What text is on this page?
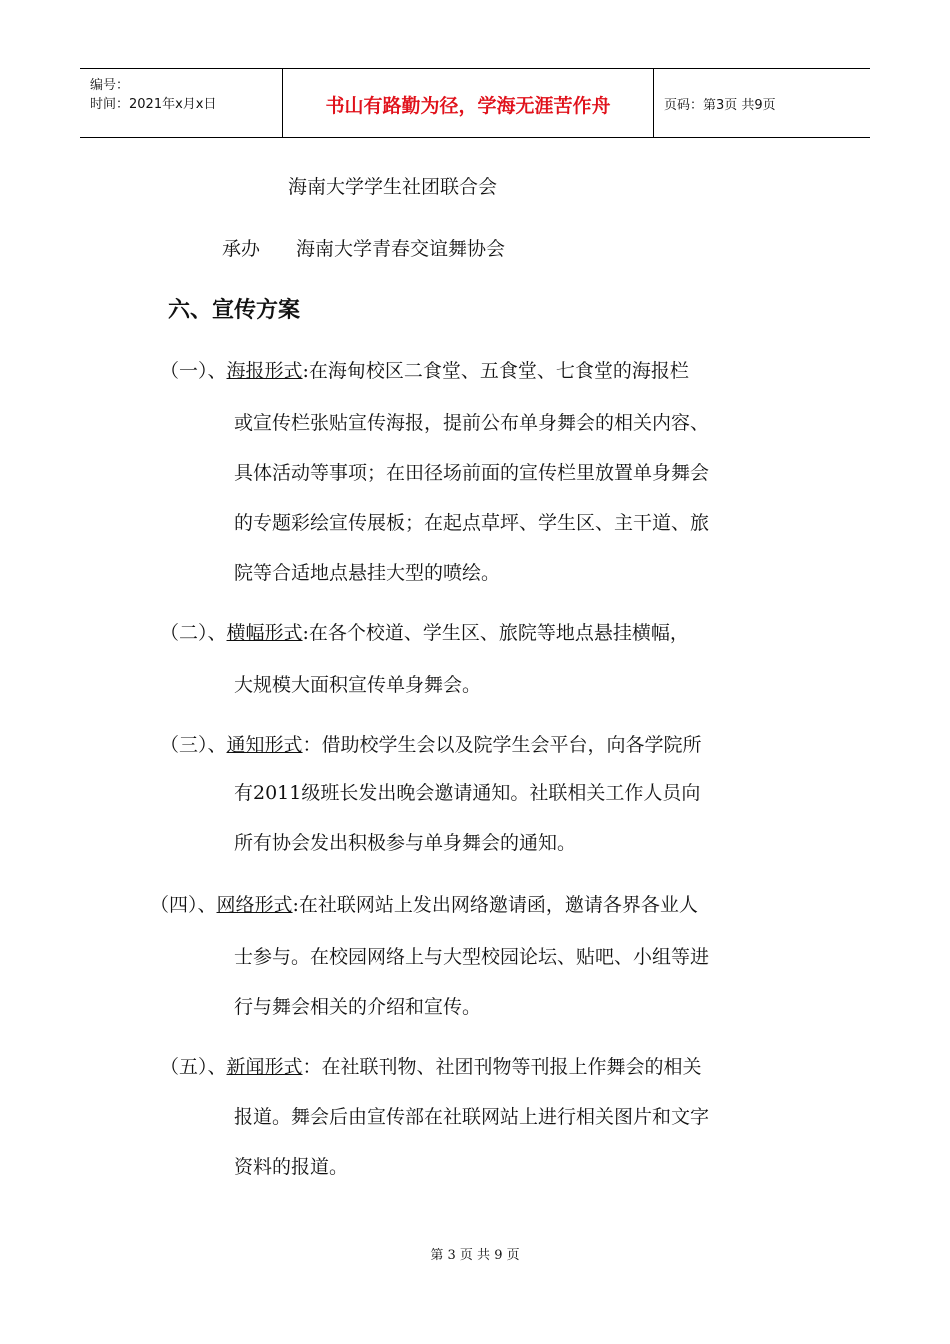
编号：
时间：2021年x月x日	书山有路勤为径，学海无涯苦作舟	页码：第3页 共9页
海南大学学生社团联合会
承办 海南大学青春交谊舞协会
六、宣传方案
（一）、海报形式:在海甸校区二食堂、五食堂、七食堂的海报栏
或宣传栏张贴宣传海报，提前公布单身舞会的相关内容、
具体活动等事项；在田径场前面的宣传栏里放置单身舞会
的专题彩绘宣传展板；在起点草坪、学生区、主干道、旅
院等合适地点悬挂大型的喷绘。
（二）、横幅形式:在各个校道、学生区、旅院等地点悬挂横幅，
大规模大面积宣传单身舞会。
（三）、通知形式：借助校学生会以及院学生会平台，向各学院所
有2011级班长发出晚会邀请通知。社联相关工作人员向
所有协会发出积极参与单身舞会的通知。
（四）、网络形式:在社联网站上发出网络邀请函，邀请各界各业人
士参与。在校园网络上与大型校园论坛、贴吧、小组等进
行与舞会相关的介绍和宣传。
（五）、新闻形式：在社联刊物、社团刊物等刊报上作舞会的相关
报道。舞会后由宣传部在社联网站上进行相关图片和文字
资料的报道。
第 3 页 共 9 页
